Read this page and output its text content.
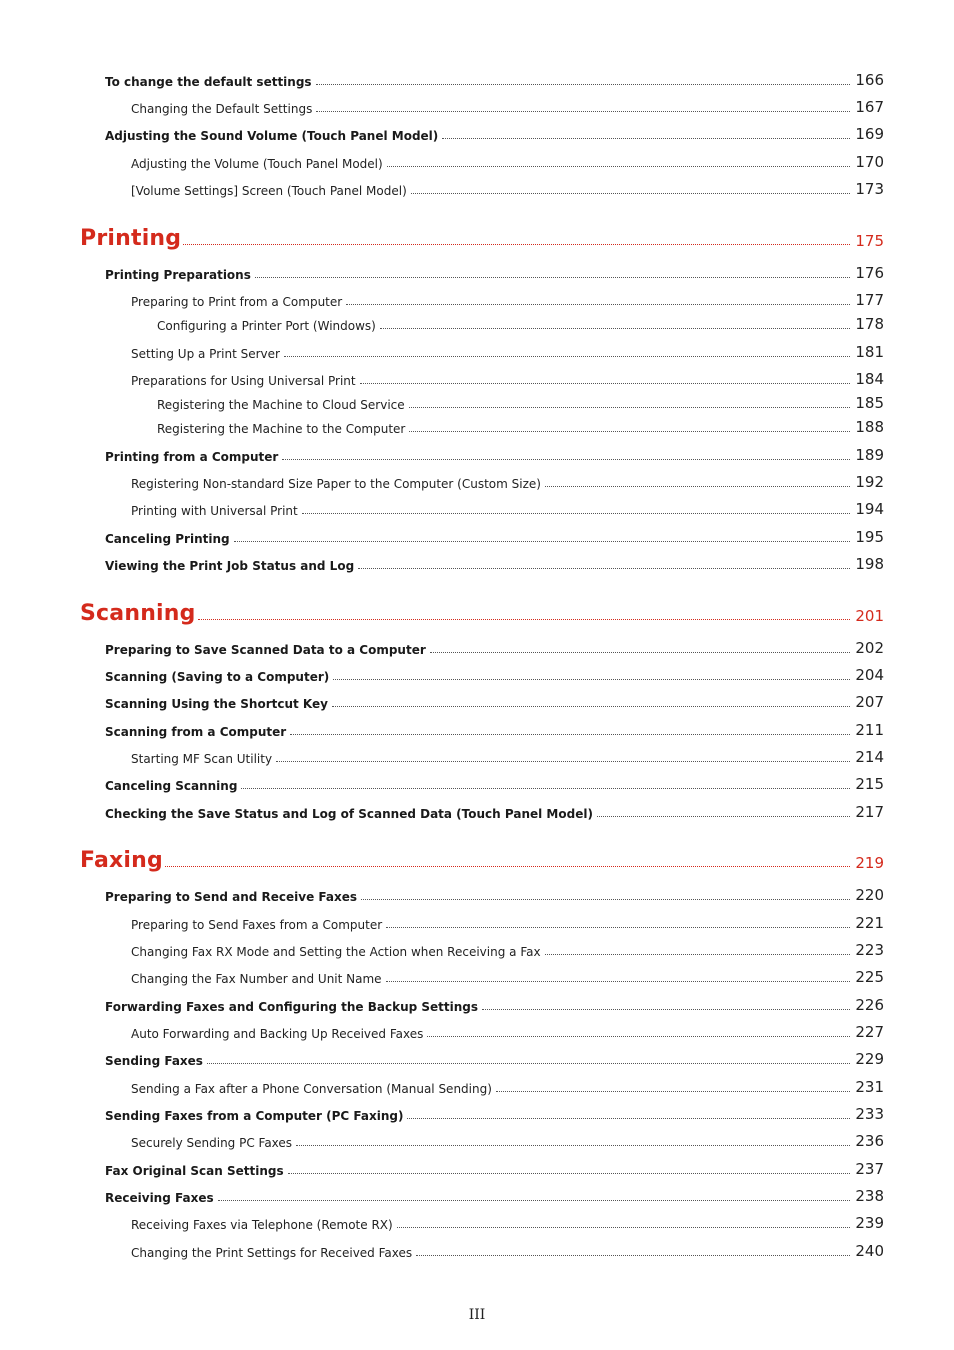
To change the default settings	166
Changing the Default Settings	167
Adjusting the Sound Volume (Touch Panel Model)	169
Adjusting the Volume (Touch Panel Model)	170
[Volume Settings] Screen (Touch Panel Model)	173
Printing	175
Printing Preparations	176
Preparing to Print from a Computer	177
Configuring a Printer Port (Windows)	178
Setting Up a Print Server	181
Preparations for Using Universal Print	184
Registering the Machine to Cloud Service	185
Registering the Machine to the Computer	188
Printing from a Computer	189
Registering Non-standard Size Paper to the Computer (Custom Size)	192
Printing with Universal Print	194
Canceling Printing	195
Viewing the Print Job Status and Log	198
Scanning	201
Preparing to Save Scanned Data to a Computer	202
Scanning (Saving to a Computer)	204
Scanning Using the Shortcut Key	207
Scanning from a Computer	211
Starting MF Scan Utility	214
Canceling Scanning	215
Checking the Save Status and Log of Scanned Data (Touch Panel Model)	217
Faxing	219
Preparing to Send and Receive Faxes	220
Preparing to Send Faxes from a Computer	221
Changing Fax RX Mode and Setting the Action when Receiving a Fax	223
Changing the Fax Number and Unit Name	225
Forwarding Faxes and Configuring the Backup Settings	226
Auto Forwarding and Backing Up Received Faxes	227
Sending Faxes	229
Sending a Fax after a Phone Conversation (Manual Sending)	231
Sending Faxes from a Computer (PC Faxing)	233
Securely Sending PC Faxes	236
Fax Original Scan Settings	237
Receiving Faxes	238
Receiving Faxes via Telephone (Remote RX)	239
Changing the Print Settings for Received Faxes	240
III
